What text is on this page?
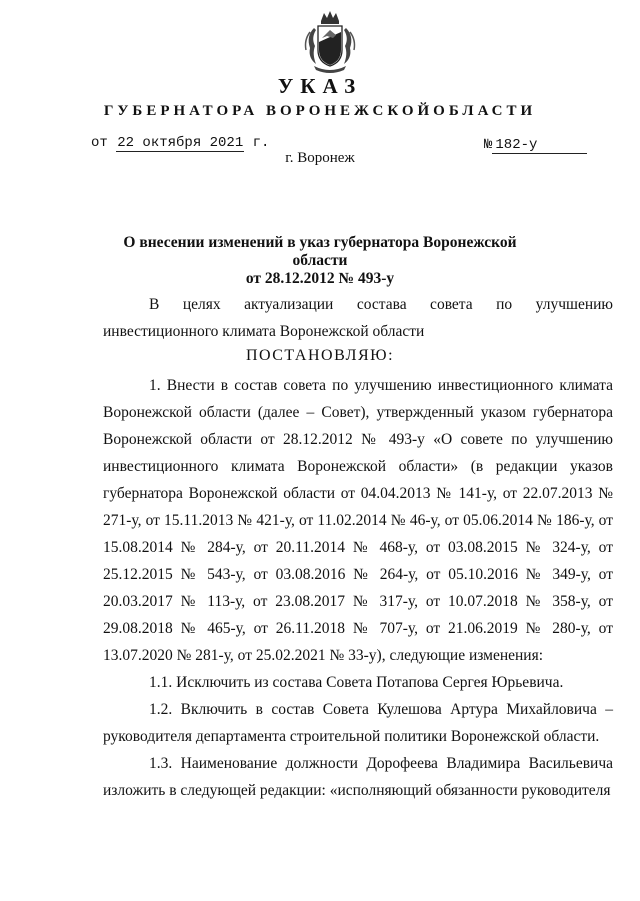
УКАЗ
ГУБЕРНАТОРА ВОРОНЕЖСКОЙОБЛАСТИ
от 22 октября 2021 г.	№ 182-у
г. Воронеж
О внесении изменений в указ губернатора Воронежской области
от 28.12.2012 № 493-у

В целях актуализации состава совета по улучшению инвестиционного климата Воронежской области

ПОСТАНОВЛЯЮ:

1. Внести в состав совета по улучшению инвестиционного климата Воронежской области (далее – Совет), утвержденный указом губернатора Воронежской области от 28.12.2012 № 493-у «О совете по улучшению инвестиционного климата Воронежской области» (в редакции указов губернатора Воронежской области от 04.04.2013 № 141-у, от 22.07.2013 № 271-у, от 15.11.2013 № 421-у, от 11.02.2014 № 46-у, от 05.06.2014 № 186-у, от 15.08.2014 № 284-у, от 20.11.2014 № 468-у, от 03.08.2015 № 324-у, от 25.12.2015 № 543-у, от 03.08.2016 № 264-у, от 05.10.2016 № 349-у, от 20.03.2017 № 113-у, от 23.08.2017 № 317-у, от 10.07.2018 № 358-у, от 29.08.2018 № 465-у, от 26.11.2018 № 707-у, от 21.06.2019 № 280-у, от 13.07.2020 № 281-у, от 25.02.2021 № 33-у), следующие изменения:

1.1. Исключить из состава Совета Потапова Сергея Юрьевича.

1.2. Включить в состав Совета Кулешова Артура Михайловича – руководителя департамента строительной политики Воронежской области.

1.3. Наименование должности Дорофеева Владимира Васильевича изложить в следующей редакции: «исполняющий обязанности руководителя
